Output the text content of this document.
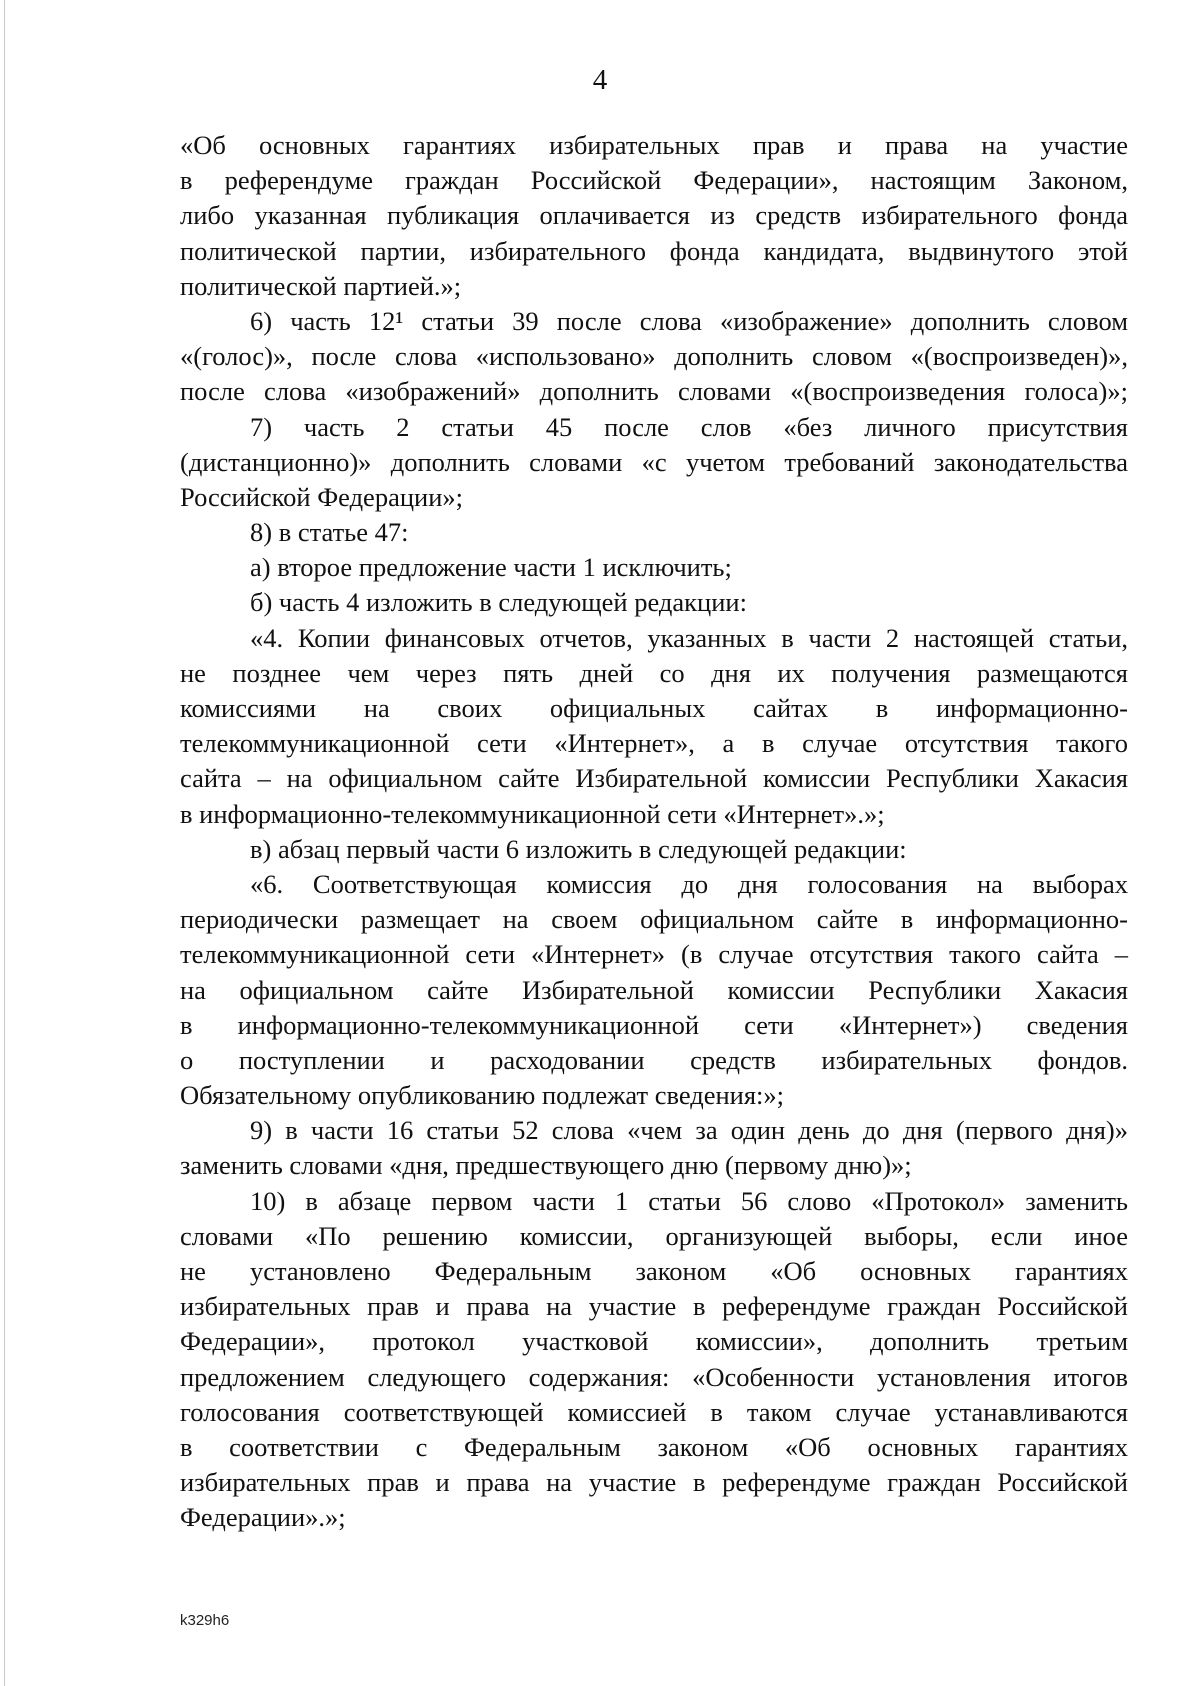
4
«Об основных гарантиях избирательных прав и права на участие
в референдуме граждан Российской Федерации», настоящим Законом,
либо указанная публикация оплачивается из средств избирательного фонда
политической партии, избирательного фонда кандидата, выдвинутого этой
политической партией.»;
6) часть 12¹ статьи 39 после слова «изображение» дополнить словом
«(голос)», после слова «использовано» дополнить словом «(воспроизведен)»,
после слова «изображений» дополнить словами «(воспроизведения голоса)»;
7) часть 2 статьи 45 после слов «без личного присутствия
(дистанционно)» дополнить словами «с учетом требований законодательства
Российской Федерации»;
8) в статье 47:
а) второе предложение части 1 исключить;
б) часть 4 изложить в следующей редакции:
«4. Копии финансовых отчетов, указанных в части 2 настоящей статьи,
не позднее чем через пять дней со дня их получения размещаются
комиссиями на своих официальных сайтах в информационно-
телекоммуникационной сети «Интернет», а в случае отсутствия такого
сайта – на официальном сайте Избирательной комиссии Республики Хакасия
в информационно-телекоммуникационной сети «Интернет».»;
в) абзац первый части 6 изложить в следующей редакции:
«6. Соответствующая комиссия до дня голосования на выборах
периодически размещает на своем официальном сайте в информационно-
телекоммуникационной сети «Интернет» (в случае отсутствия такого сайта –
на официальном сайте Избирательной комиссии Республики Хакасия
в информационно-телекоммуникационной сети «Интернет») сведения
о поступлении и расходовании средств избирательных фондов.
Обязательному опубликованию подлежат сведения:»;
9) в части 16 статьи 52 слова «чем за один день до дня (первого дня)»
заменить словами «дня, предшествующего дню (первому дню)»;
10) в абзаце первом части 1 статьи 56 слово «Протокол» заменить
словами «По решению комиссии, организующей выборы, если иное
не установлено Федеральным законом «Об основных гарантиях
избирательных прав и права на участие в референдуме граждан Российской
Федерации», протокол участковой комиссии», дополнить третьим
предложением следующего содержания: «Особенности установления итогов
голосования соответствующей комиссией в таком случае устанавливаются
в соответствии с Федеральным законом «Об основных гарантиях
избирательных прав и права на участие в референдуме граждан Российской
Федерации».»;
k329h6
